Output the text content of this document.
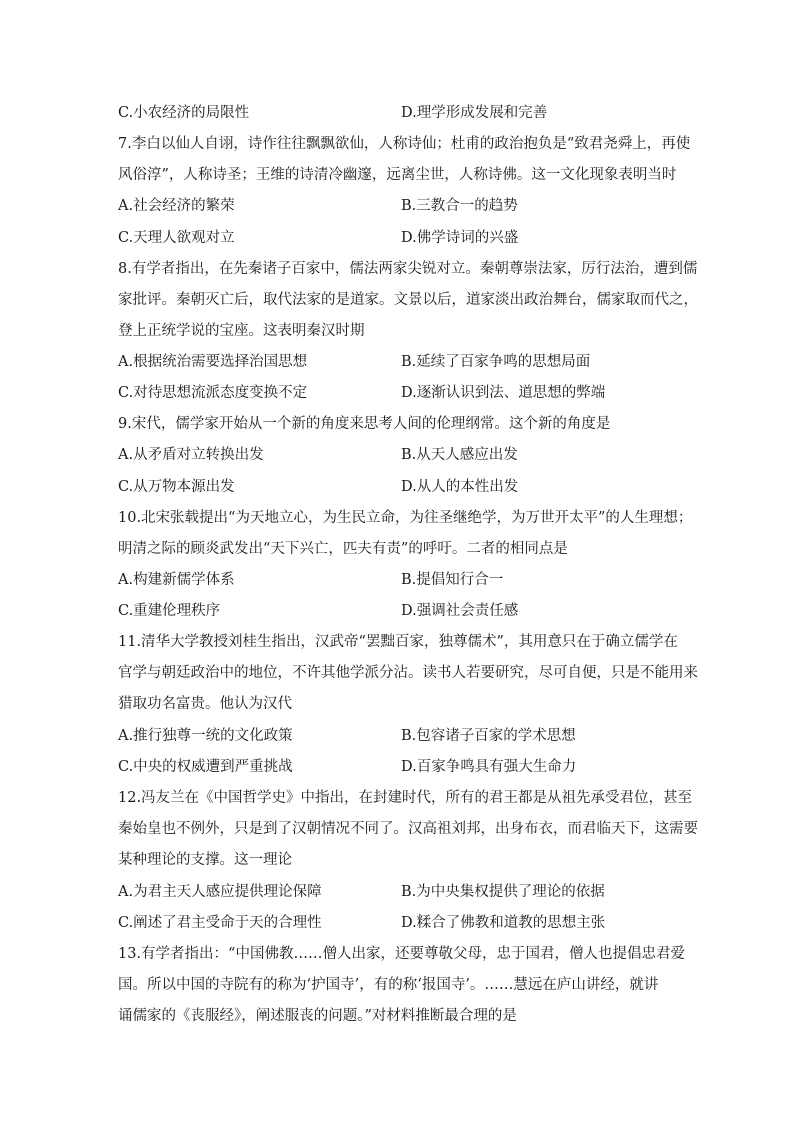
C.小农经济的局限性	D.理学形成发展和完善
7.李白以仙人自诩，诗作往往飘飘欲仙，人称诗仙；杜甫的政治抱负是“致君尧舜上，再使
风俗淳”，人称诗圣；王维的诗清冷幽邃，远离尘世，人称诗佛。这一文化现象表明当时
A.社会经济的繁荣	B.三教合一的趋势
C.天理人欲观对立	D.佛学诗词的兴盛
8.有学者指出，在先秦诸子百家中，儒法两家尖锐对立。秦朝尊崇法家，厉行法治，遭到儒
家批评。秦朝灭亡后，取代法家的是道家。文景以后，道家淡出政治舞台，儒家取而代之，
登上正统学说的宝座。这表明秦汉时期
A.根据统治需要选择治国思想	B.延续了百家争鸣的思想局面
C.对待思想流派态度变换不定	D.逐渐认识到法、道思想的弊端
9.宋代，儒学家开始从一个新的角度来思考人间的伦理纲常。这个新的角度是
A.从矛盾对立转换出发	B.从天人感应出发
C.从万物本源出发	D.从人的本性出发
10.北宋张载提出“为天地立心，为生民立命，为往圣继绝学，为万世开太平”的人生理想；
明清之际的顾炎武发出“天下兴亡，匹夫有责”的呼吁。二者的相同点是
A.构建新儒学体系	B.提倡知行合一
C.重建伦理秩序	D.强调社会责任感
11.清华大学教授刘桂生指出，汉武帝“罢黜百家，独尊儒术”，其用意只在于确立儒学在
官学与朝廷政治中的地位，不许其他学派分沾。读书人若要研究，尽可自便，只是不能用来
猎取功名富贵。他认为汉代
A.推行独尊一统的文化政策	B.包容诸子百家的学术思想
C.中央的权威遭到严重挑战	D.百家争鸣具有强大生命力
12.冯友兰在《中国哲学史》中指出，在封建时代，所有的君王都是从祖先承受君位，甚至
秦始皇也不例外，只是到了汉朝情况不同了。汉高祖刘邦，出身布衣，而君临天下，这需要
某种理论的支撑。这一理论
A.为君主天人感应提供理论保障	B.为中央集权提供了理论的依据
C.阐述了君主受命于天的合理性	D.糅合了佛教和道教的思想主张
13.有学者指出：“中国佛教……僧人出家，还要尊敬父母，忠于国君，僧人也提倡忠君爱
国。所以中国的寺院有的称为‘护国寺’，有的称‘报国寺’。……慧远在庐山讲经，就讲
诵儒家的《丧服经》，阐述服丧的问题。”对材料推断最合理的是
